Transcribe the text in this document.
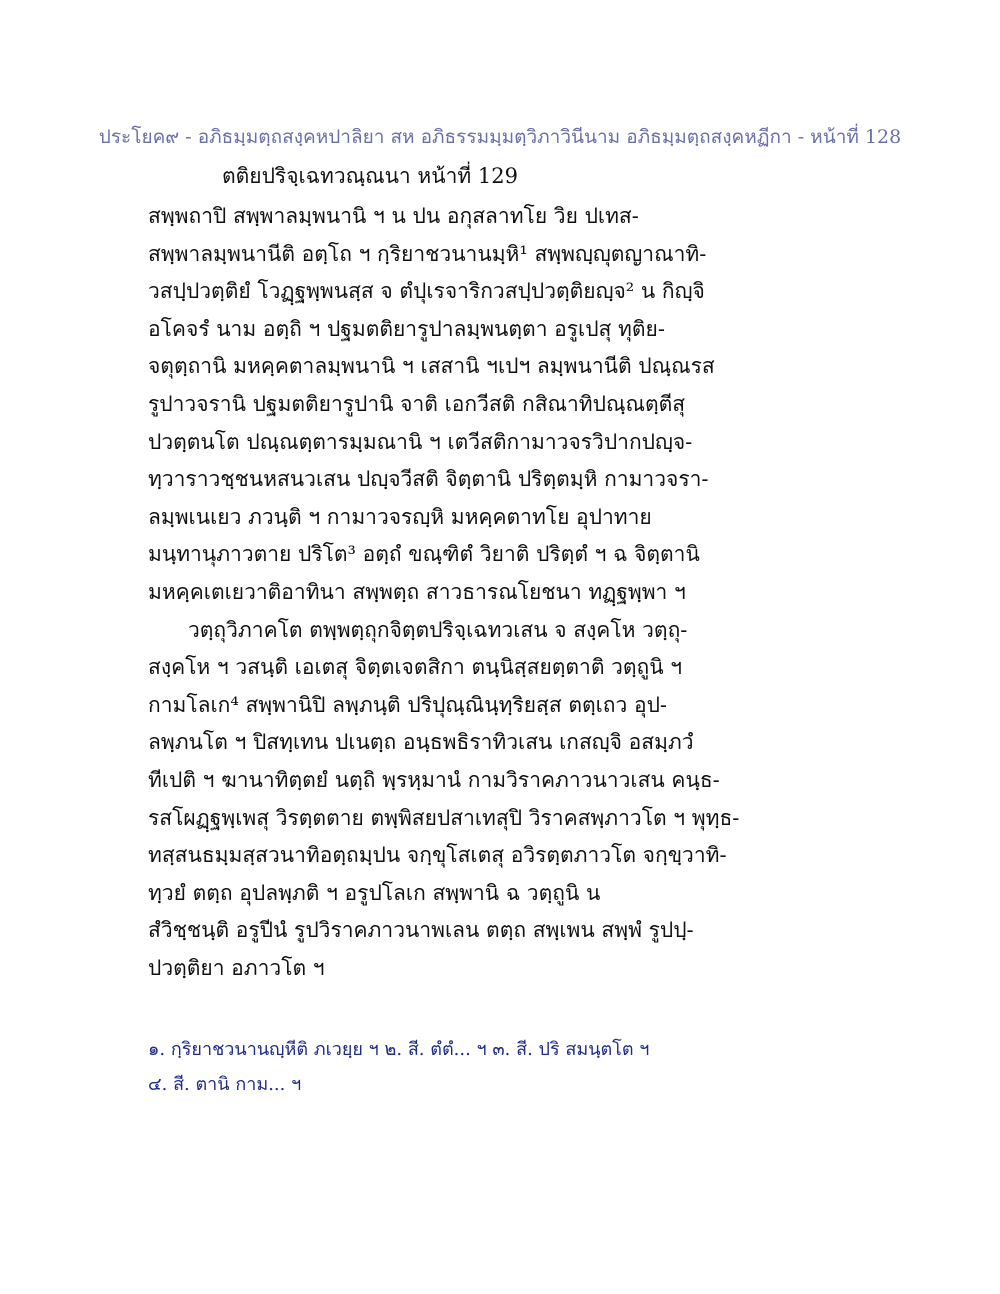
ประโยค๙ - อภิธมฺมตฺถสงฺคหปาลิยา สห อภิธรรมมฺมตฺวิภาวินีนาม อภิธมฺมตฺถสงฺคหฏีกา - หน้าที่ 128
ตติยปริจฺเฉทวณฺณนา หน้าที่ 129
สพฺพถาปิ สพฺพาลมฺพนานิ ฯ น ปน อกุสลาทโย วิย ปเทส-
สพฺพาลมฺพนานีติ อตฺโถ ฯ กฺริยาชวนานมฺหิ¹ สพฺพญฺญุตญาณาทิ-
วสปฺปวตฺติยํ โวฏฺฐพฺพนสฺส จ ตํปุเรจาริกวสปฺปวตฺติยญฺจ² น กิญฺจิ
อโคจรํ นาม อตฺถิ ฯ ปฐมตติยารูปาลมฺพนตฺตา อรูเปสุ ทุติย-
จตุตฺถานิ มหคฺคตาลมฺพนานิ ฯ เสสานิ ฯเปฯ ลมฺพนานีติ ปณฺณรส
รูปาวจรานิ ปฐมตติยารูปานิ จาติ เอกวีสติ กสิณาทิปณฺณตฺตีสุ
ปวตฺตนโต ปณฺณตฺตารมฺมณานิ ฯ เตวีสติกามาวจรวิปากปญฺจ-
ทฺวาราวชฺชนหสนวเสน ปญฺจวีสติ จิตฺตานิ ปริตฺตมฺหิ กามาวจรา-
ลมฺพเนเยว ภวนฺติ ฯ กามาวจรญฺหิ มหคฺคตาทโย อุปาทาย
มนฺทานุภาวตาย ปริโต³ อตฺถํ ขณฺฑิตํ วิยาติ ปริตฺตํ ฯ ฉ จิตฺตานิ
มหคฺคเตเยวาติอาทินา สพฺพตฺถ สาวธารณโยชนา ทฏฺฐพฺพา ฯ
วตฺถุวิภาคโต ตพฺพตฺถุกจิตฺตปริจฺเฉทวเสน จ สงฺคโห วตฺถุ-
สงฺคโห ฯ วสนฺติ เอเตสุ จิตฺตเจตสิกา ตนฺนิสฺสยตฺตาติ วตฺถูนิ ฯ
กามโลเก⁴ สพฺพานิปิ ลพฺภนฺติ ปริปุณฺณินฺทฺริยสฺส ตตฺเถว อุป-
ลพฺภนโต ฯ ปิสทฺเทน ปเนตฺถ อนฺธพธิราทิวเสน เกสญฺจิ อสมฺภวํ
ทีเปติ ฯ ฆานาทิตฺตยํ นตฺถิ พฺรหฺมานํ กามวิราคภาวนาวเสน คนฺธ-
รสโผฏฺฐพฺเพสุ วิรตฺตตาย ตพฺพิสยปสาเทสุปิ วิราคสพฺภาวโต ฯ พุทฺธ-
ทสฺสนธมฺมสฺสวนาทิอตฺถมฺปน จกฺขุโสเตสุ อวิรตฺตภาวโต จกฺขฺวาทิ-
ทฺวยํ ตตฺถ อุปลพฺภติ ฯ อรูปโลเก สพฺพานิ ฉ วตฺถูนิ น
สํวิชฺชนฺติ อรูปีนํ รูปวิราคภาวนาพเลน ตตฺถ สพฺเพน สพฺพํ รูปปฺ-
ปวตฺติยา อภาวโต ฯ
๑. กฺริยาชวนานญฺหีติ ภเวยฺย ฯ ๒. สี. ตํตํ... ฯ ๓. สี. ปริ สมนฺตโต ฯ
๔. สี. ตานิ กาม... ฯ
